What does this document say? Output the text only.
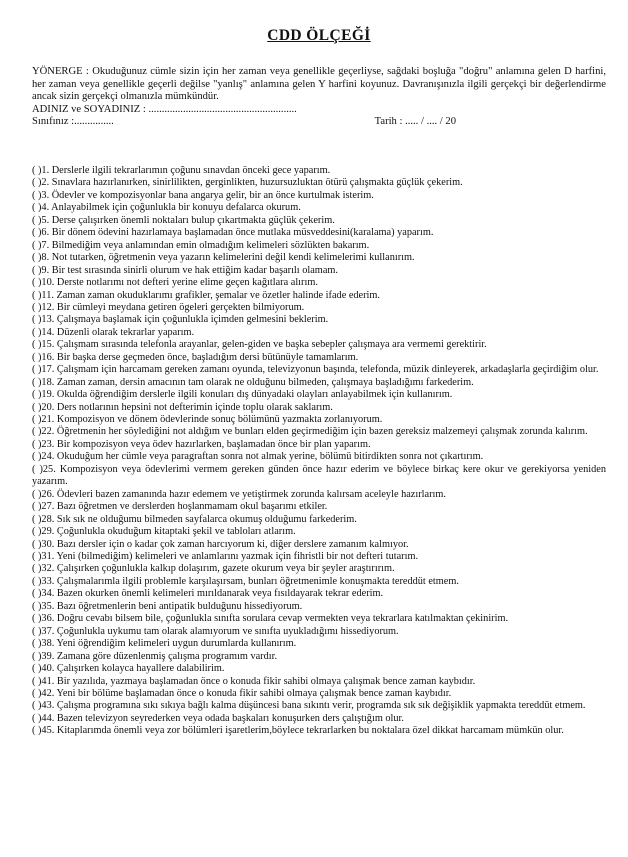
CDD ÖLÇEĞİ
YÖNERGE : Okuduğunuz cümle sizin için her zaman veya genellikle geçerliyse, sağdaki boşluğa "doğru" anlamına gelen D harfini, her zaman veya genellikle geçerli değilse "yanlış" anlamına gelen Y harfini koyunuz. Davranışınızla ilgili gerçekçi bir değerlendirme ancak sizin gerçekçi olmanızla mümkündür.
ADINIZ ve SOYADINIZ : ........................................................
Sınıfınız :...............	Tarih : ..... / .... / 20
( )1. Derslerle ilgili tekrarlarımın çoğunu sınavdan önceki gece yaparım.
( )2. Sınavlara hazırlanırken, sinirlilikten, gerginlikten, huzursuzluktan ötürü çalışmakta güçlük çekerim.
( )3. Ödevler ve kompozisyonlar bana angarya gelir, bir an önce kurtulmak isterim.
( )4. Anlayabilmek için çoğunlukla bir konuyu defalarca okurum.
( )5. Derse çalışırken önemli noktaları bulup çıkartmakta güçlük çekerim.
( )6. Bir dönem ödevini hazırlamaya başlamadan önce mutlaka müsveddesini(karalama) yaparım.
( )7. Bilmediğim veya anlamından emin olmadığım kelimeleri sözlükten bakarım.
( )8. Not tutarken, öğretmenin veya yazarın kelimelerini değil kendi kelimelerimi kullanırım.
( )9. Bir test sırasında sinirli olurum ve hak ettiğim kadar başarılı olamam.
( )10. Derste notlarımı not defteri yerine elime geçen kağıtlara alırım.
( )11. Zaman zaman okuduklarımı grafikler, şemalar ve özetler halinde ifade ederim.
( )12. Bir cümleyi meydana getiren ögeleri gerçekten bilmiyorum.
( )13. Çalışmaya başlamak için çoğunlukla içimden gelmesini beklerim.
( )14. Düzenli olarak tekrarlar yaparım.
( )15. Çalışmam sırasında telefonla arayanlar, gelen-giden ve başka sebepler çalışmaya ara vermemi gerektirir.
( )16. Bir başka derse geçmeden önce, başladığım dersi bütünüyle tamamlarım.
( )17. Çalışmam için harcamam gereken zamanı oyunda, televizyonun başında, telefonda, müzik dinleyerek, arkadaşlarla geçirdiğim olur.
( )18. Zaman zaman, dersin amacının tam olarak ne olduğunu bilmeden, çalışmaya başladığımı farkederim.
( )19. Okulda öğrendiğim derslerle ilgili konuları dış dünyadaki olayları anlayabilmek için kullanırım.
( )20. Ders notlarının hepsini not defterimin içinde toplu olarak saklarım.
( )21. Kompozisyon ve dönem ödevlerinde sonuç bölümünü yazmakta zorlanıyorum.
( )22. Öğretmenin her söylediğini not aldığım ve bunları elden geçirmediğim için bazen gereksiz malzemeyi çalışmak zorunda kalırım.
( )23. Bir kompozisyon veya ödev hazırlarken, başlamadan önce bir plan yaparım.
( )24. Okuduğum her cümle veya paragraftan sonra not almak yerine, bölümü bitirdikten sonra not çıkartırım.
( )25. Kompozisyon veya ödevlerimi vermem gereken günden önce hazır ederim ve böylece birkaç kere okur ve gerekiyorsa yeniden yazarım.
( )26. Ödevleri bazen zamanında hazır edemem ve yetiştirmek zorunda kalırsam aceleyle hazırlarım.
( )27. Bazı öğretmen ve derslerden hoşlanmamam okul başarımı etkiler.
( )28. Sık sık ne olduğumu bilmeden sayfalarca okumuş olduğumu farkederim.
( )29. Çoğunlukla okuduğum kitaptaki şekil ve tabloları atlarım.
( )30. Bazı dersler için o kadar çok zaman harcıyorum ki, diğer derslere zamanım kalmıyor.
( )31. Yeni (bilmediğim) kelimeleri ve anlamlarını yazmak için fihristli bir not defteri tutarım.
( )32. Çalışırken çoğunlukla kalkıp dolaşırım, gazete okurum veya bir şeyler araştırırım.
( )33. Çalışmalarımla ilgili problemle karşılaşırsam, bunları öğretmenimle konuşmakta tereddüt etmem.
( )34. Bazen okurken önemli kelimeleri mırıldanarak veya fısıldayarak tekrar ederim.
( )35. Bazı öğretmenlerin beni antipatik bulduğunu hissediyorum.
( )36. Doğru cevabı bilsem bile, çoğunlukla sınıfta sorulara cevap vermekten veya tekrarlara katılmaktan çekinirim.
( )37. Çoğunlukla uykumu tam olarak alamıyorum ve sınıfta uyukladığımı hissediyorum.
( )38. Yeni öğrendiğim kelimeleri uygun durumlarda kullanırım.
( )39. Zamana göre düzenlenmiş çalışma programım vardır.
( )40. Çalışırken kolayca hayallere dalabilirim.
( )41. Bir yazılıda, yazmaya başlamadan önce o konuda fikir sahibi olmaya çalışmak bence zaman kaybıdır.
( )42. Yeni bir bölüme başlamadan önce o konuda fikir sahibi olmaya çalışmak bence zaman kaybıdır.
( )43. Çalışma programına sıkı sıkıya bağlı kalma düşüncesi bana sıkıntı verir, programda sık sık değişiklik yapmakta tereddüt etmem.
( )44. Bazen televizyon seyrederken veya odada başkaları konuşurken ders çalıştığım olur.
( )45. Kitaplarımda önemli veya zor bölümleri işaretlerim,böylece tekrarlarken bu noktalara özel dikkat harcamam mümkün olur.
